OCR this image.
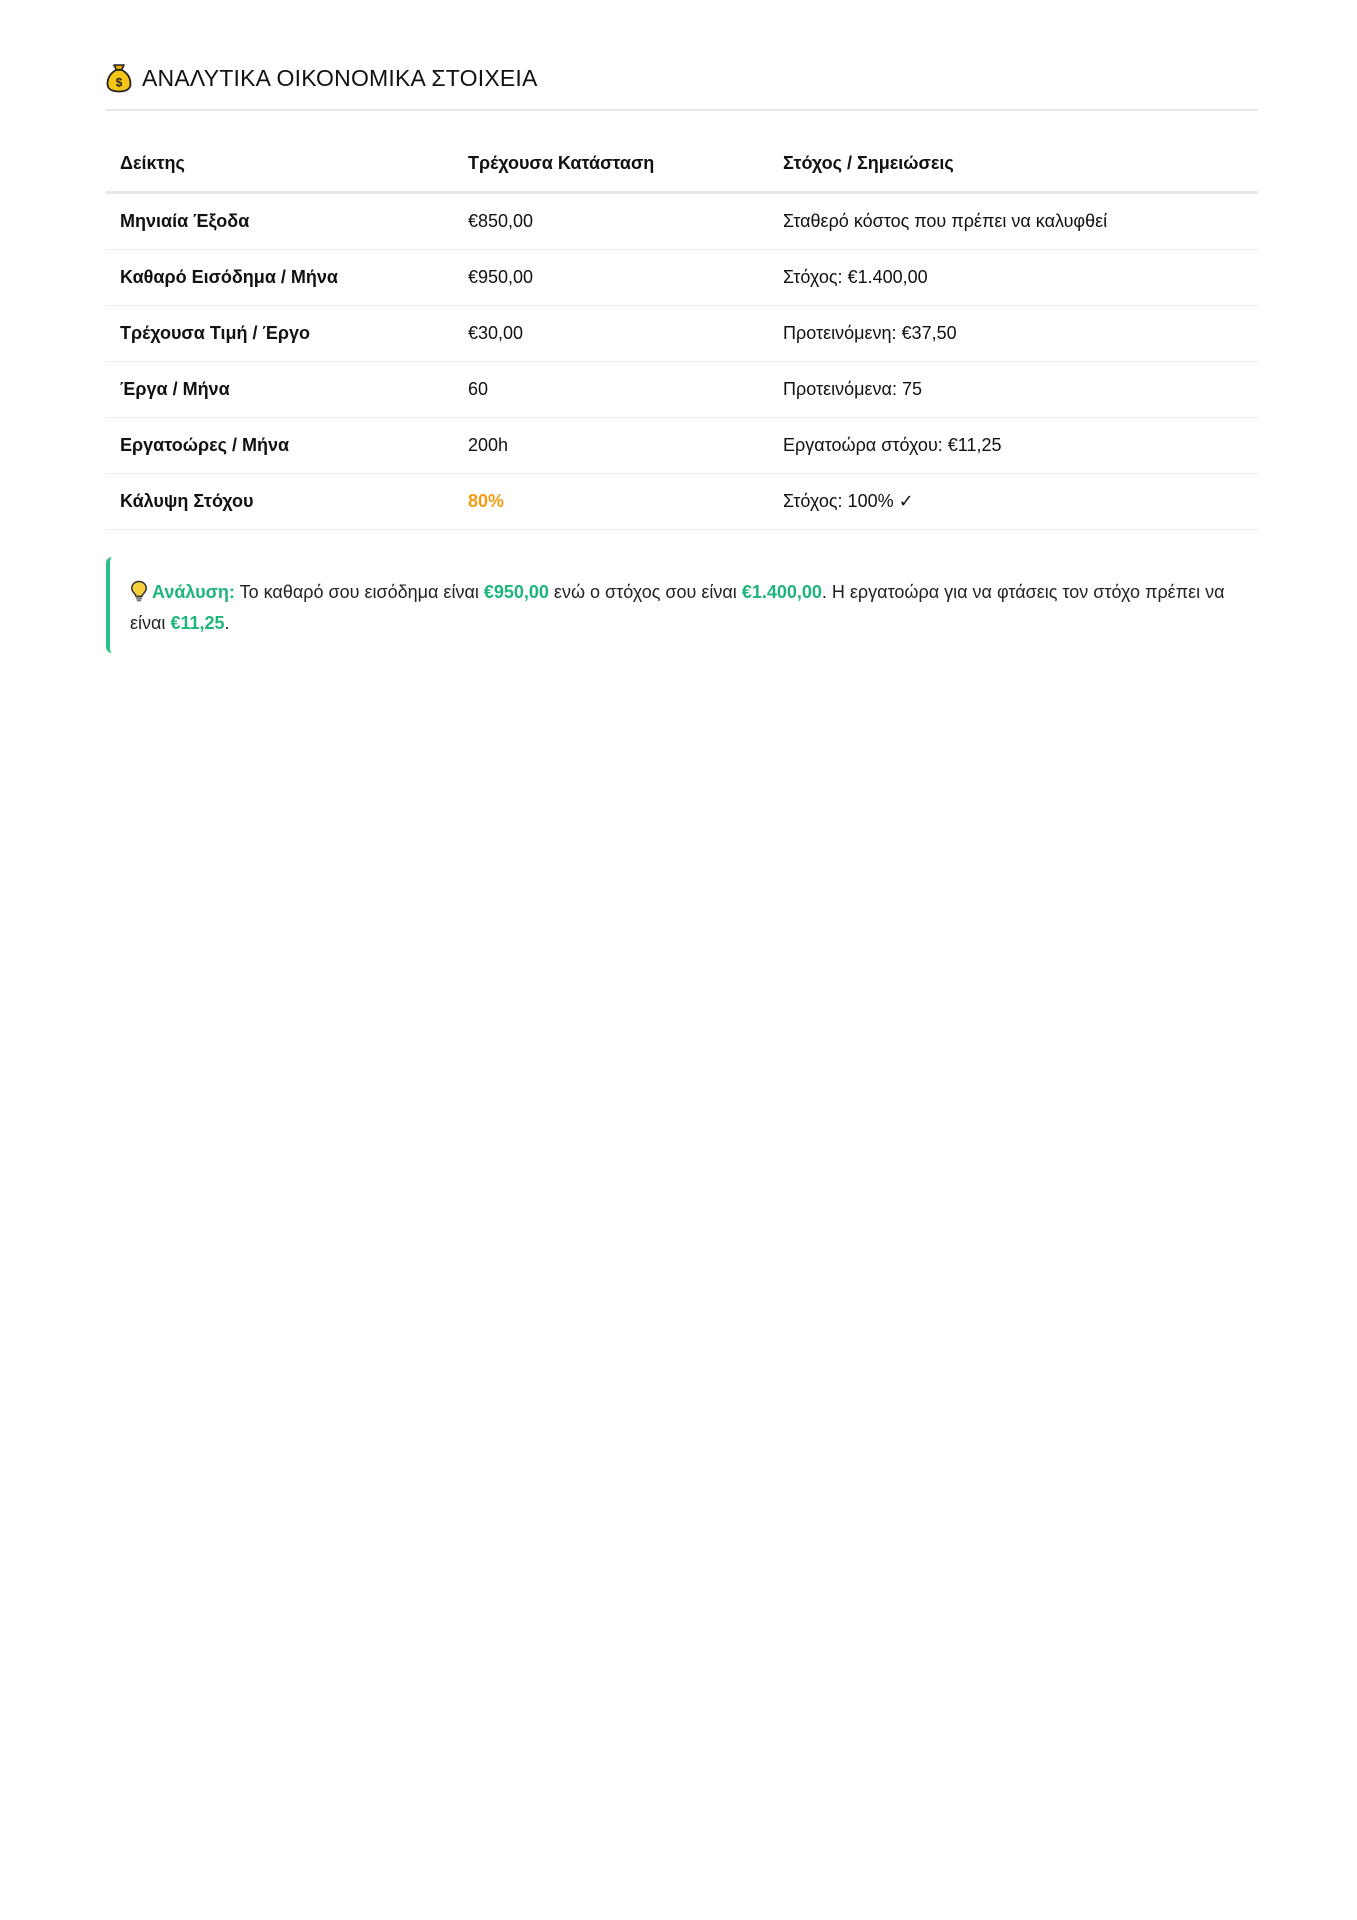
$ ΑΝΑΛΥΤΙΚΑ ΟΙΚΟΝΟΜΙΚΑ ΣΤΟΙΧΕΙΑ
Δείκτης	Τρέχουσα Κατάσταση	Στόχος / Σημειώσεις
Μηνιαία Έξοδα	€850,00	Σταθερό κόστος που πρέπει να καλυφθεί
Καθαρό Εισόδημα / Μήνα	€950,00	Στόχος: €1.400,00
Τρέχουσα Τιμή / Έργο	€30,00	Προτεινόμενη: €37,50
Έργα / Μήνα	60	Προτεινόμενα: 75
Εργατοώρες / Μήνα	200h	Εργατοώρα στόχου: €11,25
Κάλυψη Στόχου	80%	Στόχος: 100% ✓
Ανάλυση: Το καθαρό σου εισόδημα είναι €950,00 ενώ ο στόχος σου είναι €1.400,00. Η εργατοώρα για να φτάσεις τον στόχο πρέπει να είναι €11,25.
